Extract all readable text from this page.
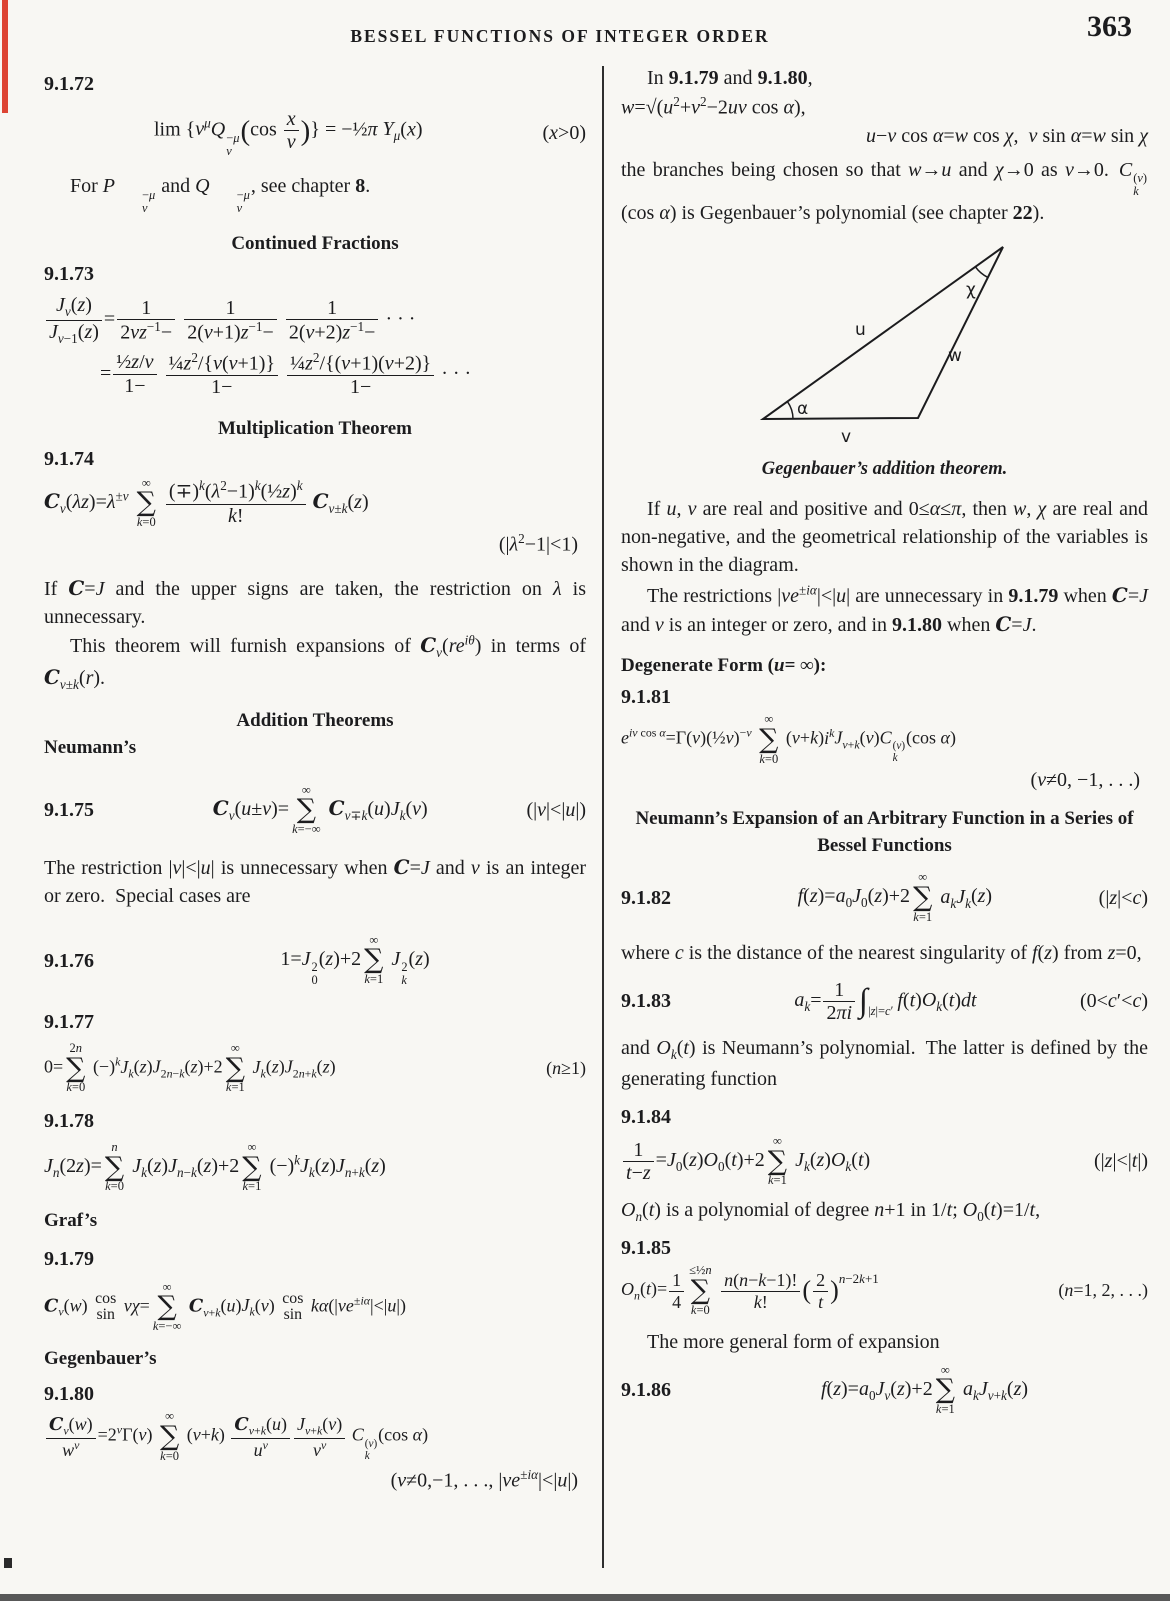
BESSEL FUNCTIONS OF INTEGER ORDER	363
9.1.72
$\lim \{\nu^\mu Q -\mu$
ν
($\cos \frac{x}{\nu}$ )} = −½π $Y_\mu(x)$	(x>0)
For P	−μ
ν
and Q	−μ
ν
, see chapter 8.
Continued Fractions
9.1.73
$\frac{J_\nu(z)}{J_{\nu-1}(z)} = \frac{1}{2\nu z^{-1}-}$
$\frac{1}{2(\nu+1)z^{-1}-}$
$\frac{1}{2(\nu+2)z^{-1}-}$ · · ·
= $\frac{\text{½z/ν}}{1-}$
$\frac{\frac{1}{4}z^2/\{\nu(\nu+1)\}}{1-}$
$\frac{\frac{1}{4}z^2/\{(\nu+1)(\nu+2)\}}{1-}$ · · ·
Multiplication Theorem
9.1.74
$C_\nu(\lambda z)=\lambda^{\pm\nu}$
∞
∑
k=0
$\frac{(\mp)^k(\lambda^2-1)^k(\frac{1}{2}z)^k}{k!} C_{\nu\pm k}(z)$
$(|\lambda^2-1|<1)$
If C=J and the upper signs are taken, the restriction on λ is unnecessary.
This theorem will furnish expansions of $C_\nu(re^{i\theta})$ in terms of $C_{\nu\pm k}(r)$.
Addition Theorems
Neumann’s
9.1.75	$C_\nu(u\pm v)=$
∞
∑
k=−∞
$C_{\nu\mp k}(u)J_k(v)$	(|v|<|u|)
The restriction |v|<|u| is unnecessary when C=J and ν is an integer or zero. Special cases are
9.1.76	1=J 2
0
(z)+2
∞
∑
k=1
J 2
k
(z)
9.1.77
0=
2n
∑
k=0
$(-)^kJ_k(z)J_{2n-k}(z)+2$
∞
∑
k=1
$J_k(z)J_{2n+k}(z)$	(n≥1)
9.1.78
$J_n(2z)=$
n
∑
k=0
$J_k(z)J_{n-k}(z)+2$
∞
∑
k=1
$(-)^kJ_k(z)J_{n+k}(z)$
Graf’s
9.1.79
$C_\nu(w)$ cos
sin νχ=
∞
∑
k=−∞
$C_{\nu+k}(u)J_k(v)$ cos
$\sin k\alpha(|ve^{\pm i\alpha}|<|u|)$
Gegenbauer’s
9.1.80
$\frac{C_\nu(w)}{w^\nu} =2^\nu\Gamma(\nu)$
∞
∑
k=0
$(\nu+k) \frac{C_{\nu+k}(u)}{u^\nu} \frac{J_{\nu+k}(v)}{v^\nu}$ C (ν)
k
(cos α)
(ν≠0,−1, . . ., $|ve^{\pm i\alpha}|<|u|$)
In 9.1.79 and 9.1.80,
$w=√(u^2+v^2-2uv$ cos α),
u−v cos α=w cos χ, v sin α=w sin χ
the branches being chosen so that w→u and χ→0 as v→0. C (ν)
k
(cos α) is Gegenbauer’s polynomial (see chapter 22).
u
w
v
α
χ
Gegenbauer’s addition theorem.
If u, v are real and positive and 0≤α≤π, then w, χ are real and non-negative, and the geometrical relationship of the variables is shown in the diagram.
The restrictions $|ve^{\pm i\alpha}|<|u|$ are unnecessary in 9.1.79 when C=J and ν is an integer or zero, and in 9.1.80 when C=J.
Degenerate Form (u= ∞):
9.1.81
$e^{iv cos \alpha}=\Gamma(\nu)(\frac{1}{2}v)^{-\nu}$
∞
∑
k=0
$(\nu+k)i^kJ_{\nu+k}(v)C$ (ν)
k
(cos α)
(ν≠0, −1, . . .)
Neumann’s Expansion of an Arbitrary Function in a Series of Bessel Functions
9.1.82	$f(z)=a_0J_0(z)+2$
∞
∑
k=1
$a_kJ_k(z)$	(|z|<c)
where c is the distance of the nearest singularity of f(z) from z=0,
9.1.83	$a_k= \frac{1}{2\pi i} \int_{|z|=c'}$ $f(t)O_k(t)dt$	(0<c′<c)
and $O_k(t)$ is Neumann’s polynomial. The latter is defined by the generating function
9.1.84
$\frac{1}{t-z} =J_0(z)O_0(t)+2$
∞
∑
k=1
$J_k(z)O_k(t)$	(|z|<|t|)
$O_n(t)$ is a polynomial of degree n+1 in 1/t; $O_0(t)=1/t$,
9.1.85
$O_n(t)= \frac{1}{4}$ ≤½n
∑
k=0
$\frac{n(n-k-1)!}{k!}$ ( $\frac{2}{t} )^{n-2k+1}$
(n=1, 2, . . .)
The more general form of expansion
9.1.86	$f(z)=a_0J_\nu(z)+2$
∞
∑
k=1
$a_kJ_{\nu+k}(z)$
